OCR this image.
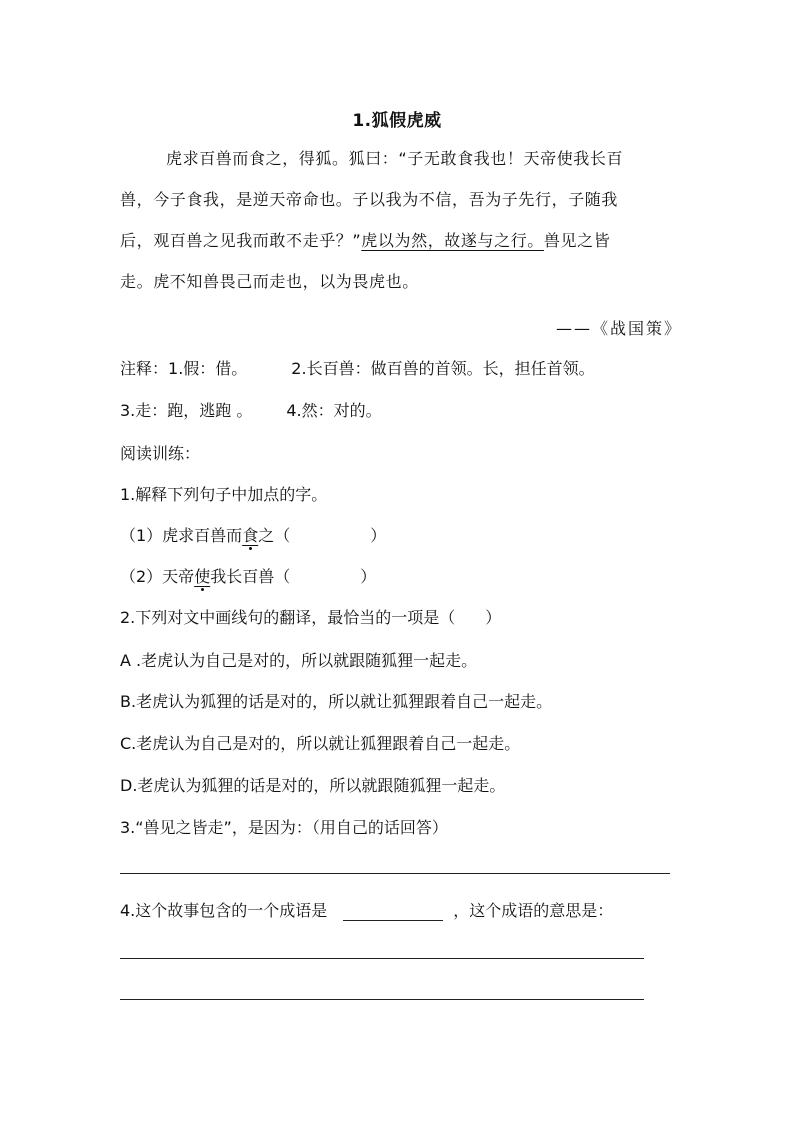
1.狐假虎威
虎求百兽而食之，得狐。狐曰：“子无敢食我也！天帝使我长百
兽，今子食我，是逆天帝命也。子以我为不信，吾为子先行，子随我
后，观百兽之见我而敢不走乎？”虎以为然，故遂与之行。兽见之皆
走。虎不知兽畏己而走也，以为畏虎也。
——《战国策》
注释：1.假：借。	2.长百兽：做百兽的首领。长，担任首领。
3.走：跑，逃跑 。 4.然：对的。
阅读训练：
1.解释下列句子中加点的字。
（1）虎求百兽而食之（	）
（2）天帝使我长百兽（	）
2.下列对文中画线句的翻译，最恰当的一项是（ ）
A .老虎认为自己是对的，所以就跟随狐狸一起走。
B.老虎认为狐狸的话是对的，所以就让狐狸跟着自己一起走。
C.老虎认为自己是对的，所以就让狐狸跟着自己一起走。
D.老虎认为狐狸的话是对的，所以就跟随狐狸一起走。
3.“兽见之皆走”，是因为：（用自己的话回答）
4.这个故事包含的一个成语是	，这个成语的意思是：
